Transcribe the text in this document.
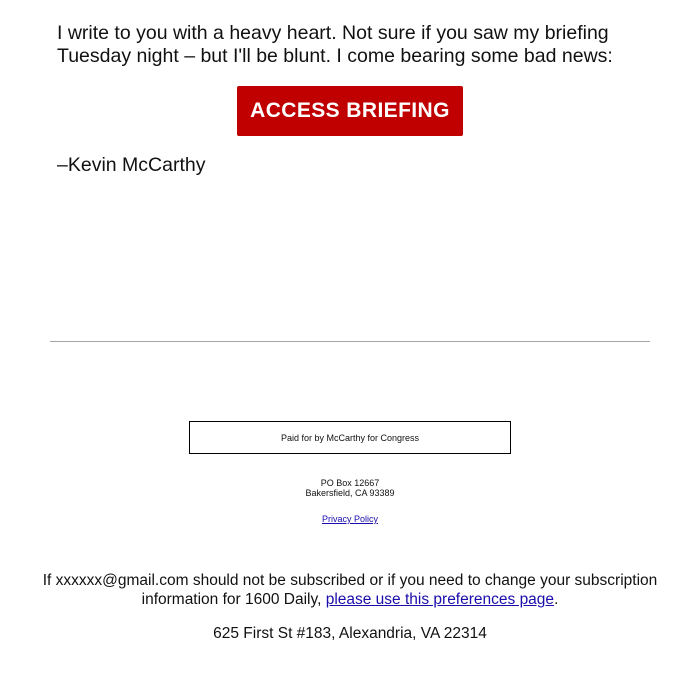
I write to you with a heavy heart. Not sure if you saw my briefing Tuesday night – but I'll be blunt. I come bearing some bad news:

ACCESS BRIEFING

–Kevin McCarthy

Paid for by McCarthy for Congress
PO Box 12667
Bakersfield, CA 93389
Privacy Policy

If xxxxxx@gmail.com should not be subscribed or if you need to change your subscription information for 1600 Daily, please use this preferences page.

625 First St #183, Alexandria, VA 22314
